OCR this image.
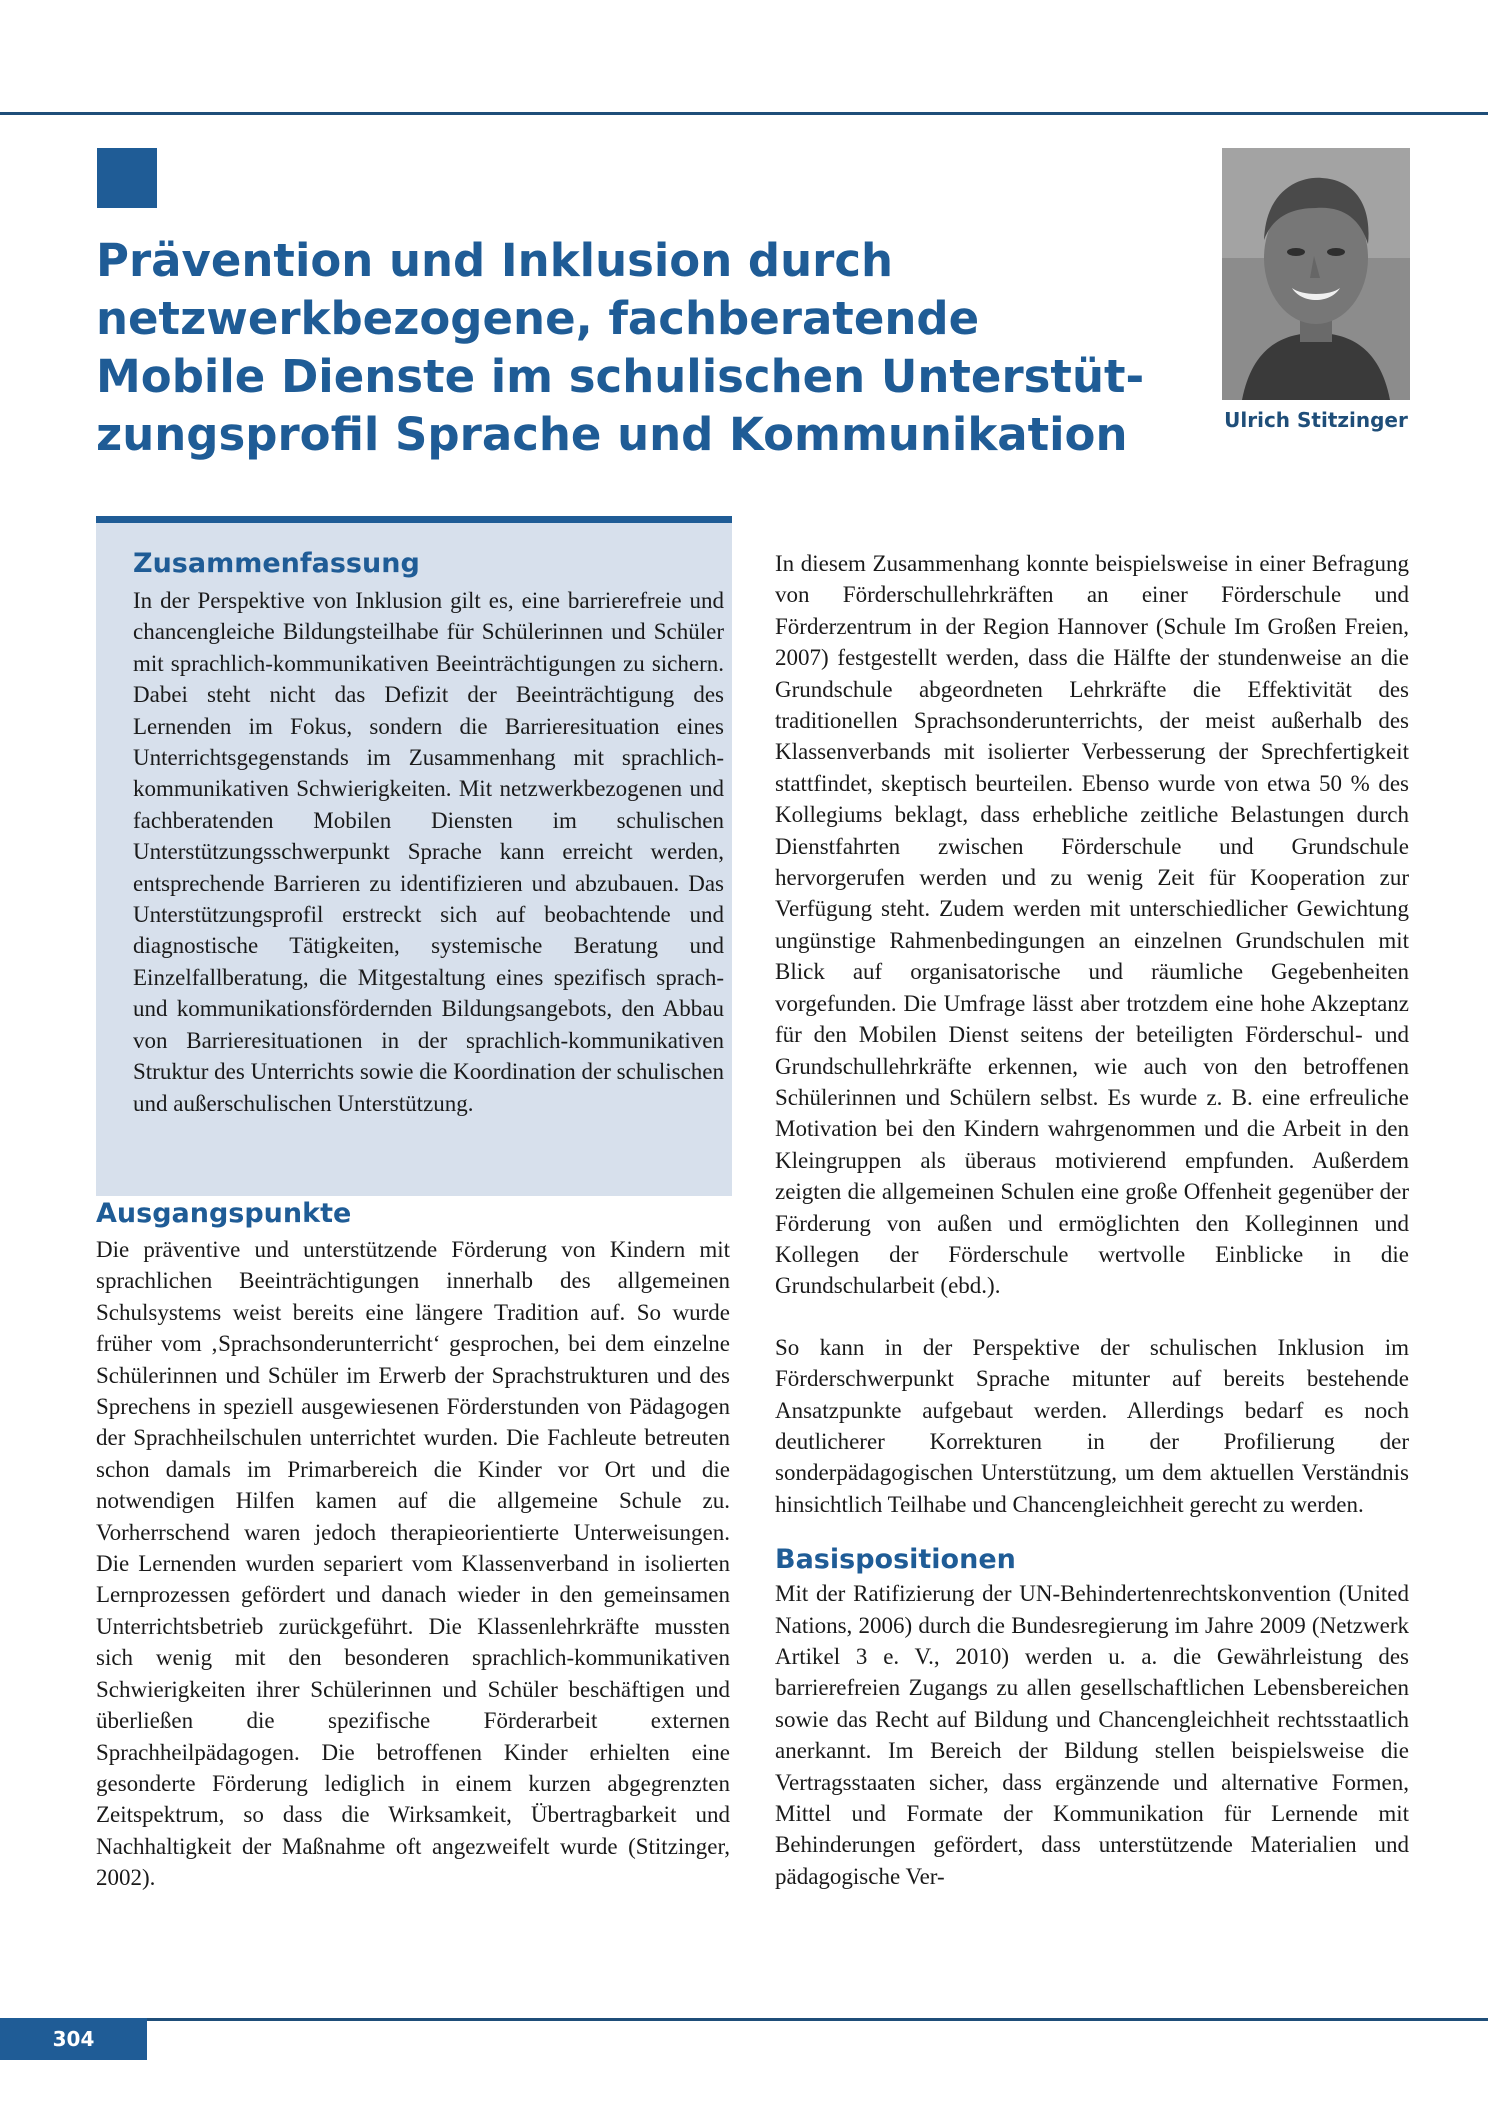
Prävention und Inklusion durch
netzwerkbezogene, fachberatende
Mobile Dienste im schulischen Unterstüt-
zungsprofil Sprache und Kommunikation	Ulrich Stitzinger
Zusammenfassung

In der Perspektive von Inklusion gilt es, eine barrierefreie und chancengleiche Bildungsteilhabe für Schülerinnen und Schüler mit sprachlich-kommunikativen Beeinträchtigungen zu sichern. Dabei steht nicht das Defizit der Beeinträchtigung des Lernenden im Fokus, sondern die Barrieresituation eines Unterrichtsgegenstands im Zusammenhang mit sprachlich-kommunikativen Schwierigkeiten. Mit netzwerkbezogenen und fachberatenden Mobilen Diensten im schulischen Unterstützungsschwerpunkt Sprache kann erreicht werden, entsprechende Barrieren zu identifizieren und abzubauen. Das Unterstützungsprofil erstreckt sich auf beobachtende und diagnostische Tätigkeiten, systemische Beratung und Einzelfallberatung, die Mitgestaltung eines spezifisch sprach- und kommunikationsfördernden Bildungsangebots, den Abbau von Barrieresituationen in der sprachlich-kommunikativen Struktur des Unterrichts sowie die Koordination der schulischen und außerschulischen Unterstützung.

Ausgangspunkte

Die präventive und unterstützende Förderung von Kindern mit sprachlichen Beeinträchtigungen innerhalb des allgemeinen Schulsystems weist bereits eine längere Tradition auf. So wurde früher vom ‚Sprachsonderunterricht‘ gesprochen, bei dem einzelne Schülerinnen und Schüler im Erwerb der Sprachstrukturen und des Sprechens in speziell ausgewiesenen Förderstunden von Pädagogen der Sprachheilschulen unterrichtet wurden. Die Fachleute betreuten schon damals im Primarbereich die Kinder vor Ort und die notwendigen Hilfen kamen auf die allgemeine Schule zu. Vorherrschend waren jedoch therapieorientierte Unterweisungen. Die Lernenden wurden separiert vom Klassenverband in isolierten Lernprozessen gefördert und danach wieder in den gemeinsamen Unterrichtsbetrieb zurückgeführt. Die Klassenlehrkräfte mussten sich wenig mit den besonderen sprachlich-kommunikativen Schwierigkeiten ihrer Schülerinnen und Schüler beschäftigen und überließen die spezifische Förderarbeit externen Sprachheilpädagogen. Die betroffenen Kinder erhielten eine gesonderte Förderung lediglich in einem kurzen abgegrenzten Zeitspektrum, so dass die Wirksamkeit, Übertragbarkeit und Nachhaltigkeit der Maßnahme oft angezweifelt wurde (Stitzinger, 2002).

In diesem Zusammenhang konnte beispielsweise in einer Befragung von Förderschullehrkräften an einer Förderschule und Förderzentrum in der Region Hannover (Schule Im Großen Freien, 2007) festgestellt werden, dass die Hälfte der stundenweise an die Grundschule abgeordneten Lehrkräfte die Effektivität des traditionellen Sprachsonderunterrichts, der meist außerhalb des Klassenverbands mit isolierter Verbesserung der Sprechfertigkeit stattfindet, skeptisch beurteilen. Ebenso wurde von etwa 50 % des Kollegiums beklagt, dass erhebliche zeitliche Belastungen durch Dienstfahrten zwischen Förderschule und Grundschule hervorgerufen werden und zu wenig Zeit für Kooperation zur Verfügung steht. Zudem werden mit unterschiedlicher Gewichtung ungünstige Rahmenbedingungen an einzelnen Grundschulen mit Blick auf organisatorische und räumliche Gegebenheiten vorgefunden. Die Umfrage lässt aber trotzdem eine hohe Akzeptanz für den Mobilen Dienst seitens der beteiligten Förderschul- und Grundschullehrkräfte erkennen, wie auch von den betroffenen Schülerinnen und Schülern selbst. Es wurde z. B. eine erfreuliche Motivation bei den Kindern wahrgenommen und die Arbeit in den Kleingruppen als überaus motivierend empfunden. Außerdem zeigten die allgemeinen Schulen eine große Offenheit gegenüber der Förderung von außen und ermöglichten den Kolleginnen und Kollegen der Förderschule wertvolle Einblicke in die Grundschularbeit (ebd.).

So kann in der Perspektive der schulischen Inklusion im Förderschwerpunkt Sprache mitunter auf bereits bestehende Ansatzpunkte aufgebaut werden. Allerdings bedarf es noch deutlicherer Korrekturen in der Profilierung der sonderpädagogischen Unterstützung, um dem aktuellen Verständnis hinsichtlich Teilhabe und Chancengleichheit gerecht zu werden.

Basispositionen

Mit der Ratifizierung der UN-Behindertenrechtskonvention (United Nations, 2006) durch die Bundesregierung im Jahre 2009 (Netzwerk Artikel 3 e. V., 2010) werden u. a. die Gewährleistung des barrierefreien Zugangs zu allen gesellschaftlichen Lebensbereichen sowie das Recht auf Bildung und Chancengleichheit rechtsstaatlich anerkannt. Im Bereich der Bildung stellen beispielsweise die Vertragsstaaten sicher, dass ergänzende und alternative Formen, Mittel und Formate der Kommunikation für Lernende mit Behinderungen gefördert, dass unterstützende Materialien und pädagogische Ver-

304
